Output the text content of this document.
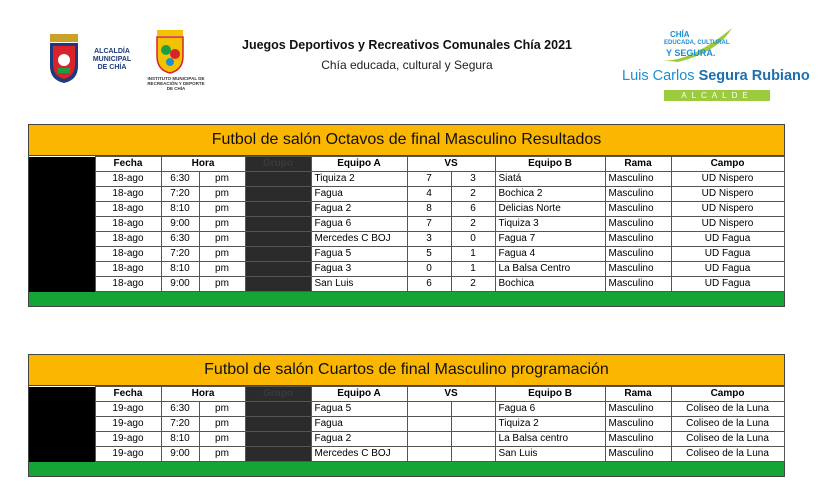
ALCALDÍA
MUNICIPAL
DE CHÍA
INSTITUTO MUNICIPAL DE RECREACIÓN Y DEPORTE DE CHÍA
Juegos Deportivos y Recreativos Comunales Chía 2021
Chía educada, cultural y Segura
CHÍA
EDUCADA, CULTURAL
Y SEGURA.
Luis Carlos Segura Rubiano
ALCALDE
Futbol de salón Octavos de final Masculino Resultados
	Fecha	Hora		Grupo	Equipo A	VS		Equipo B	Rama	Campo
	18-ago	6:30	pm		Tiquiza 2	7	3	Siatá	Masculino	UD Nispero
	18-ago	7:20	pm		Fagua	4	2	Bochica 2	Masculino	UD Nispero
	18-ago	8:10	pm		Fagua 2	8	6	Delicias Norte	Masculino	UD Nispero
	18-ago	9:00	pm		Fagua 6	7	2	Tiquiza 3	Masculino	UD Nispero
	18-ago	6:30	pm		Mercedes C BOJ	3	0	Fagua 7	Masculino	UD Fagua
	18-ago	7:20	pm		Fagua 5	5	1	Fagua 4	Masculino	UD Fagua
	18-ago	8:10	pm		Fagua 3	0	1	La Balsa Centro	Masculino	UD Fagua
	18-ago	9:00	pm		San Luis	6	2	Bochica	Masculino	UD Fagua
Futbol de salón Cuartos de final Masculino programación
	Fecha	Hora		Grupo	Equipo A	VS		Equipo B	Rama	Campo
	19-ago	6:30	pm		Fagua 5			Fagua 6	Masculino	Coliseo de la Luna
	19-ago	7:20	pm		Fagua			Tiquiza 2	Masculino	Coliseo de la Luna
	19-ago	8:10	pm		Fagua 2			La Balsa centro	Masculino	Coliseo de la Luna
	19-ago	9:00	pm		Mercedes C BOJ			San Luis	Masculino	Coliseo de la Luna
